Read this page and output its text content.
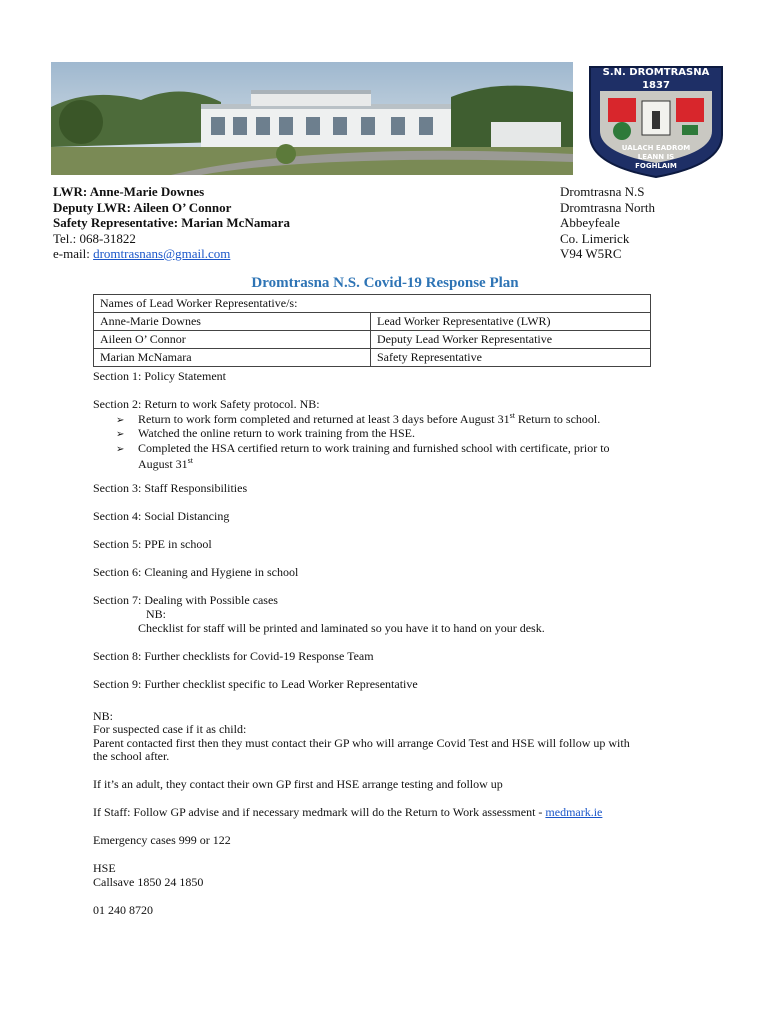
S.N. DROMTRASNA
1837
UALACH EADROM
LEANN IS
FOGHLAIM
LWR: Anne-Marie Downes
Deputy LWR: Aileen O’ Connor
Safety Representative: Marian McNamara
Tel.: 068-31822
e-mail: dromtrasnans@gmail.com
Dromtrasna N.S
Dromtrasna North
Abbeyfeale
Co. Limerick
V94 W5RC
Dromtrasna N.S. Covid-19 Response Plan
Names of Lead Worker Representative/s:	
Anne-Marie Downes	Lead Worker Representative (LWR)
Aileen O’ Connor	Deputy Lead Worker Representative
Marian McNamara	Safety Representative
Section 1: Policy Statement
Section 2: Return to work Safety protocol. NB:
➢ Return to work form completed and returned at least 3 days before August 31st Return to school.
➢ Watched the online return to work training from the HSE.
➢ Completed the HSA certified return to work training and furnished school with certificate, prior to
August 31st
Section 3: Staff Responsibilities
Section 4: Social Distancing
Section 5: PPE in school
Section 6: Cleaning and Hygiene in school
Section 7: Dealing with Possible cases
NB:
Checklist for staff will be printed and laminated so you have it to hand on your desk.
Section 8: Further checklists for Covid-19 Response Team
Section 9: Further checklist specific to Lead Worker Representative
NB:
For suspected case if it as child:
Parent contacted first then they must contact their GP who will arrange Covid Test and HSE will follow up with
the school after.
If it’s an adult, they contact their own GP first and HSE arrange testing and follow up
If Staff: Follow GP advise and if necessary medmark will do the Return to Work assessment - medmark.ie
Emergency cases 999 or 122
HSE
Callsave 1850 24 1850
01 240 8720
